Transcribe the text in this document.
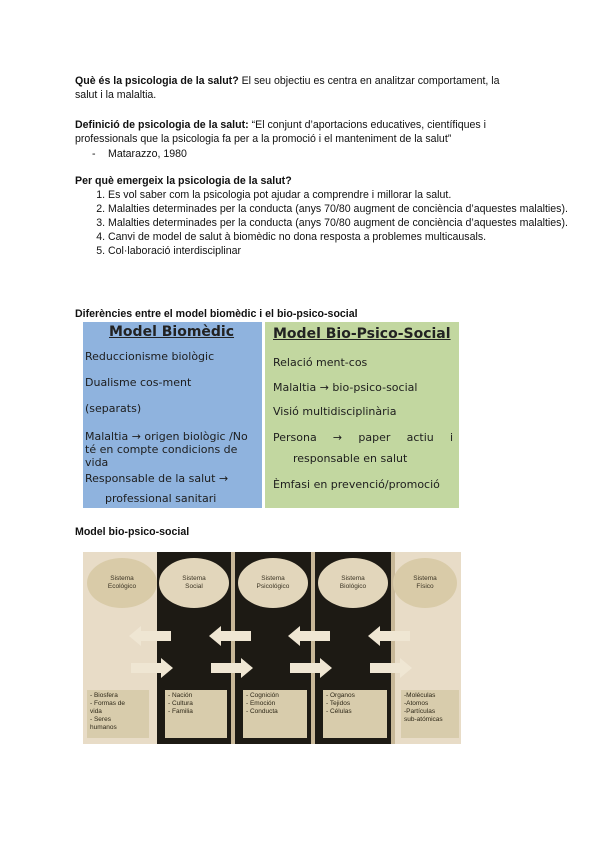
Què és la psicologia de la salut? El seu objectiu es centra en analitzar comportament, la
salut i la malaltia.

Definició de psicologia de la salut: “El conjunt d’aportacions educatives, científiques i
professionals que la psicologia fa per a la promoció i el manteniment de la salut”

- Matarazzo, 1980
Per què emergeix la psicologia de la salut?
1. Es vol saber com la psicologia pot ajudar a comprendre i millorar la salut.
2. Malalties determinades per la conducta (anys 70/80 augment de conciència d’aquestes malalties).
3. Malalties determinades per la conducta (anys 70/80 augment de conciència d’aquestes malalties).
4. Canvi de model de salut à biomèdic no dona resposta a problemes multicausals.
5. Col·laboració interdisciplinar
Diferències entre el model biomèdic i el bio-psico-social
Model Biomèdic
Reduccionisme biològic
Dualisme cos-ment
(separats)
Malaltia → origen biològic /No
té en compte condicions de
vida
Responsable de la salut →
professional sanitari
Model Bio-Psico-Social
Relació ment-cos
Malaltia → bio-psico-social
Visió multidisciplinària
Persona → paper actiu i
responsable en salut
Èmfasi en prevenció/promoció
Model bio-psico-social
Sistema
Ecológico
Sistema
Social
Sistema
Psicológico
Sistema
Biológico
Sistema
Físico
- Biosfera
- Formas de
vida
- Seres
humanos
- Nación
- Cultura
- Familia
- Cognición
- Emoción
- Conducta
- Organos
- Tejidos
- Células
-Moléculas
-Atomos
-Partículas
sub-atómicas
